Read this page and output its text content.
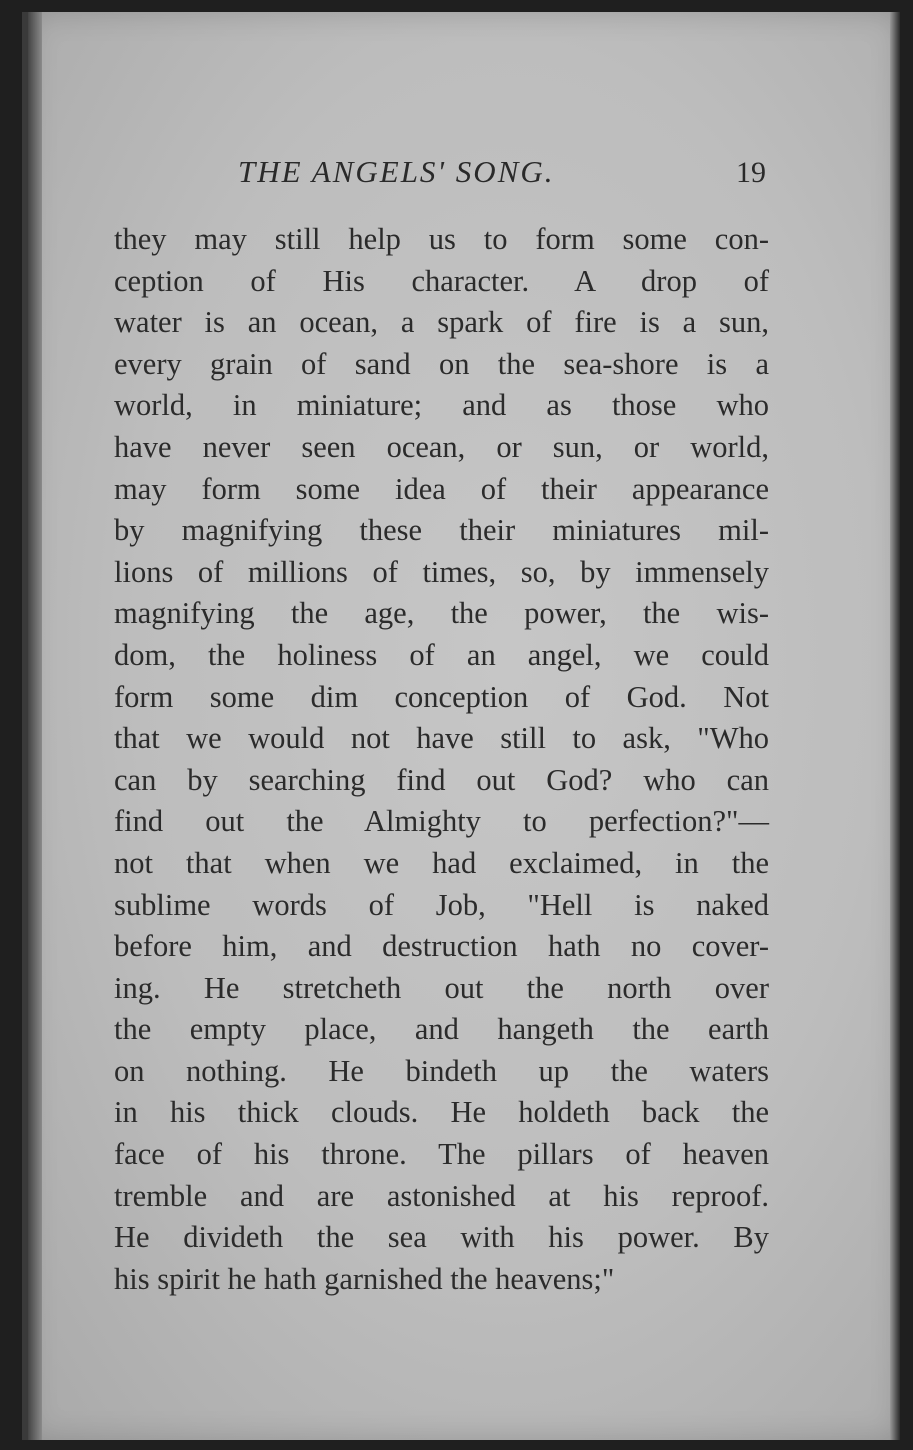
THE ANGELS' SONG.	19
they may still help us to form some con-
ception of His character. A drop of
water is an ocean, a spark of fire is a sun,
every grain of sand on the sea-shore is a
world, in miniature; and as those who
have never seen ocean, or sun, or world,
may form some idea of their appearance
by magnifying these their miniatures mil-
lions of millions of times, so, by immensely
magnifying the age, the power, the wis-
dom, the holiness of an angel, we could
form some dim conception of God. Not
that we would not have still to ask, "Who
can by searching find out God? who can
find out the Almighty to perfection?"—
not that when we had exclaimed, in the
sublime words of Job, "Hell is naked
before him, and destruction hath no cover-
ing. He stretcheth out the north over
the empty place, and hangeth the earth
on nothing. He bindeth up the waters
in his thick clouds. He holdeth back the
face of his throne. The pillars of heaven
tremble and are astonished at his reproof.
He divideth the sea with his power. By
his spirit he hath garnished the heavens;"
